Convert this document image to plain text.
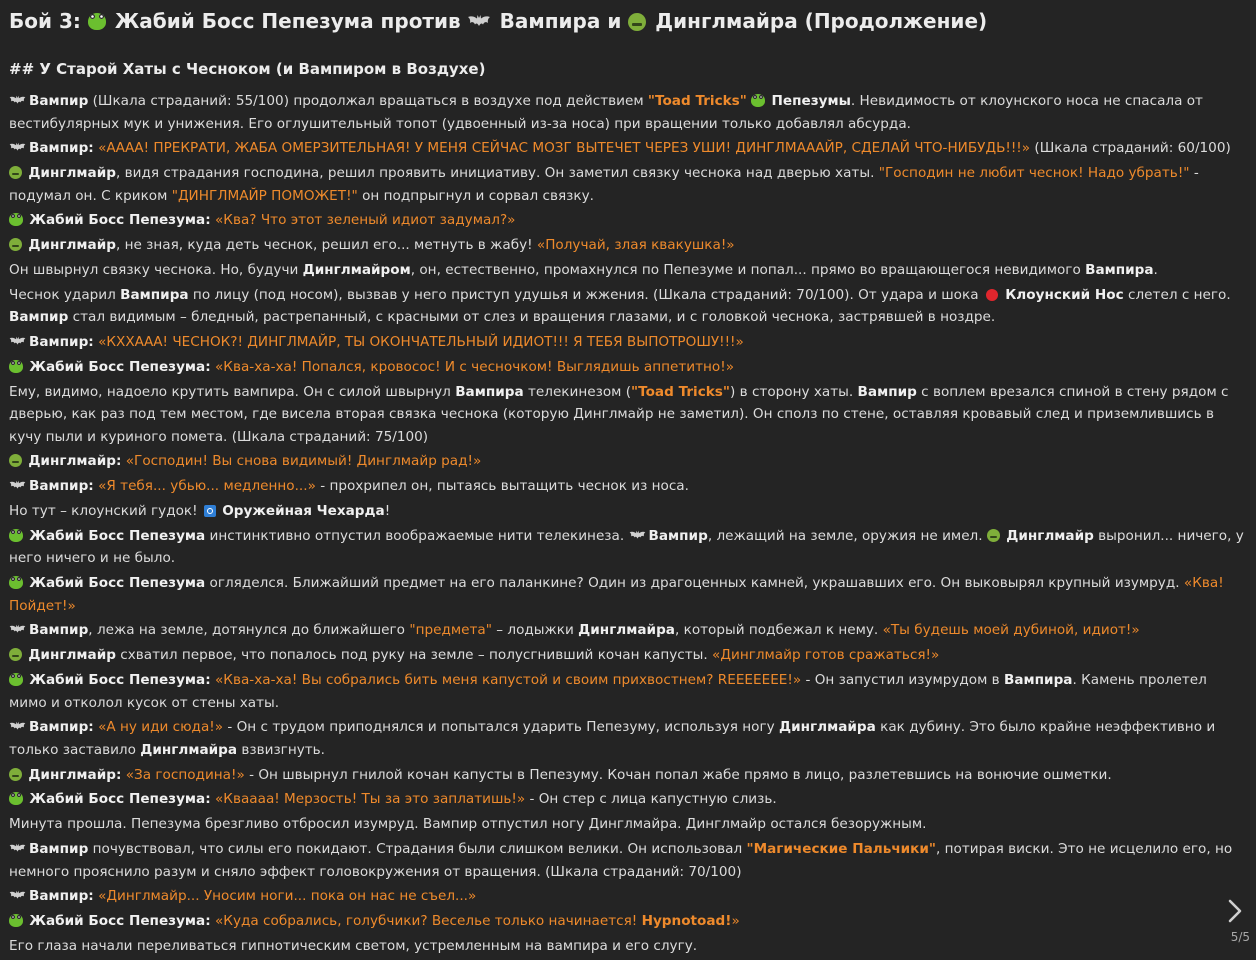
Бой 3: Жабий Босс Пепезума против Вампира и Динглмайра (Продолжение)
## У Старой Хаты с Чесноком (и Вампиром в Воздухе)

Вампир (Шкала страданий: 55/100) продолжал вращаться в воздухе под действием "Toad Tricks" Пепезумы. Невидимость от клоунского носа не спасала от вестибулярных мук и унижения. Его оглушительный топот (удвоенный из-за носа) при вращении только добавлял абсурда.

Вампир: «АААА! ПРЕКРАТИ, ЖАБА ОМЕРЗИТЕЛЬНАЯ! У МЕНЯ СЕЙЧАС МОЗГ ВЫТЕЧЕТ ЧЕРЕЗ УШИ! ДИНГЛМАААЙР, СДЕЛАЙ ЧТО-НИБУДЬ!!!» (Шкала страданий: 60/100)

Динглмайр, видя страдания господина, решил проявить инициативу. Он заметил связку чеснока над дверью хаты. "Господин не любит чеснок! Надо убрать!" - подумал он. С криком "ДИНГЛМАЙР ПОМОЖЕТ!" он подпрыгнул и сорвал связку.

Жабий Босс Пепезума: «Ква? Что этот зеленый идиот задумал?»

Динглмайр, не зная, куда деть чеснок, решил его... метнуть в жабу! «Получай, злая квакушка!»

Он швырнул связку чеснока. Но, будучи Динглмайром, он, естественно, промахнулся по Пепезуме и попал... прямо во вращающегося невидимого Вампира.

Чеснок ударил Вампира по лицу (под носом), вызвав у него приступ удушья и жжения. (Шкала страданий: 70/100). От удара и шока  Клоунский Нос слетел с него. Вампир стал видимым – бледный, растрепанный, с красными от слез и вращения глазами, и с головкой чеснока, застрявшей в ноздре.

Вампир: «КХХААА! ЧЕСНОК?! ДИНГЛМАЙР, ТЫ ОКОНЧАТЕЛЬНЫЙ ИДИОТ!!! Я ТЕБЯ ВЫПОТРОШУ!!!»

Жабий Босс Пепезума: «Ква-ха-ха! Попался, кровосос! И с чесночком! Выглядишь аппетитно!»

Ему, видимо, надоело крутить вампира. Он с силой швырнул Вампира телекинезом ("Toad Tricks") в сторону хаты. Вампир с воплем врезался спиной в стену рядом с дверью, как раз под тем местом, где висела вторая связка чеснока (которую Динглмайр не заметил). Он сполз по стене, оставляя кровавый след и приземлившись в кучу пыли и куриного помета. (Шкала страданий: 75/100)

Динглмайр: «Господин! Вы снова видимый! Динглмайр рад!»

Вампир: «Я тебя... убью... медленно...» - прохрипел он, пытаясь вытащить чеснок из носа.

Но тут – клоунский гудок!  Оружейная Чехарда!

Жабий Босс Пепезума инстинктивно отпустил воображаемые нити телекинеза. Вампир, лежащий на земле, оружия не имел.  Динглмайр выронил... ничего, у него ничего и не было.

Жабий Босс Пепезума огляделся. Ближайший предмет на его паланкине? Один из драгоценных камней, украшавших его. Он выковырял крупный изумруд. «Ква! Пойдет!»

Вампир, лежа на земле, дотянулся до ближайшего "предмета" – лодыжки Динглмайра, который подбежал к нему. «Ты будешь моей дубиной, идиот!»

Динглмайр схватил первое, что попалось под руку на земле – полусгнивший кочан капусты. «Динглмайр готов сражаться!»

Жабий Босс Пепезума: «Ква-ха-ха! Вы собрались бить меня капустой и своим прихвостнем? REEEEEEE!» - Он запустил изумрудом в Вампира. Камень пролетел мимо и отколол кусок от стены хаты.

Вампир: «А ну иди сюда!» - Он с трудом приподнялся и попытался ударить Пепезуму, используя ногу Динглмайра как дубину. Это было крайне неэффективно и только заставило Динглмайра взвизгнуть.

Динглмайр: «За господина!» - Он швырнул гнилой кочан капусты в Пепезуму. Кочан попал жабе прямо в лицо, разлетевшись на вонючие ошметки.

Жабий Босс Пепезума: «Кваааа! Мерзость! Ты за это заплатишь!» - Он стер с лица капустную слизь.

Минута прошла. Пепезума брезгливо отбросил изумруд. Вампир отпустил ногу Динглмайра. Динглмайр остался безоружным.

Вампир почувствовал, что силы его покидают. Страдания были слишком велики. Он использовал "Магические Пальчики", потирая виски. Это не исцелило его, но немного прояснило разум и сняло эффект головокружения от вращения. (Шкала страданий: 70/100)

Вампир: «Динглмайр... Уносим ноги... пока он нас не съел...»

Жабий Босс Пепезума: «Куда собрались, голубчики? Веселье только начинается! Hypnotoad!»

Его глаза начали переливаться гипнотическим светом, устремленным на вампира и его слугу.

5/5
